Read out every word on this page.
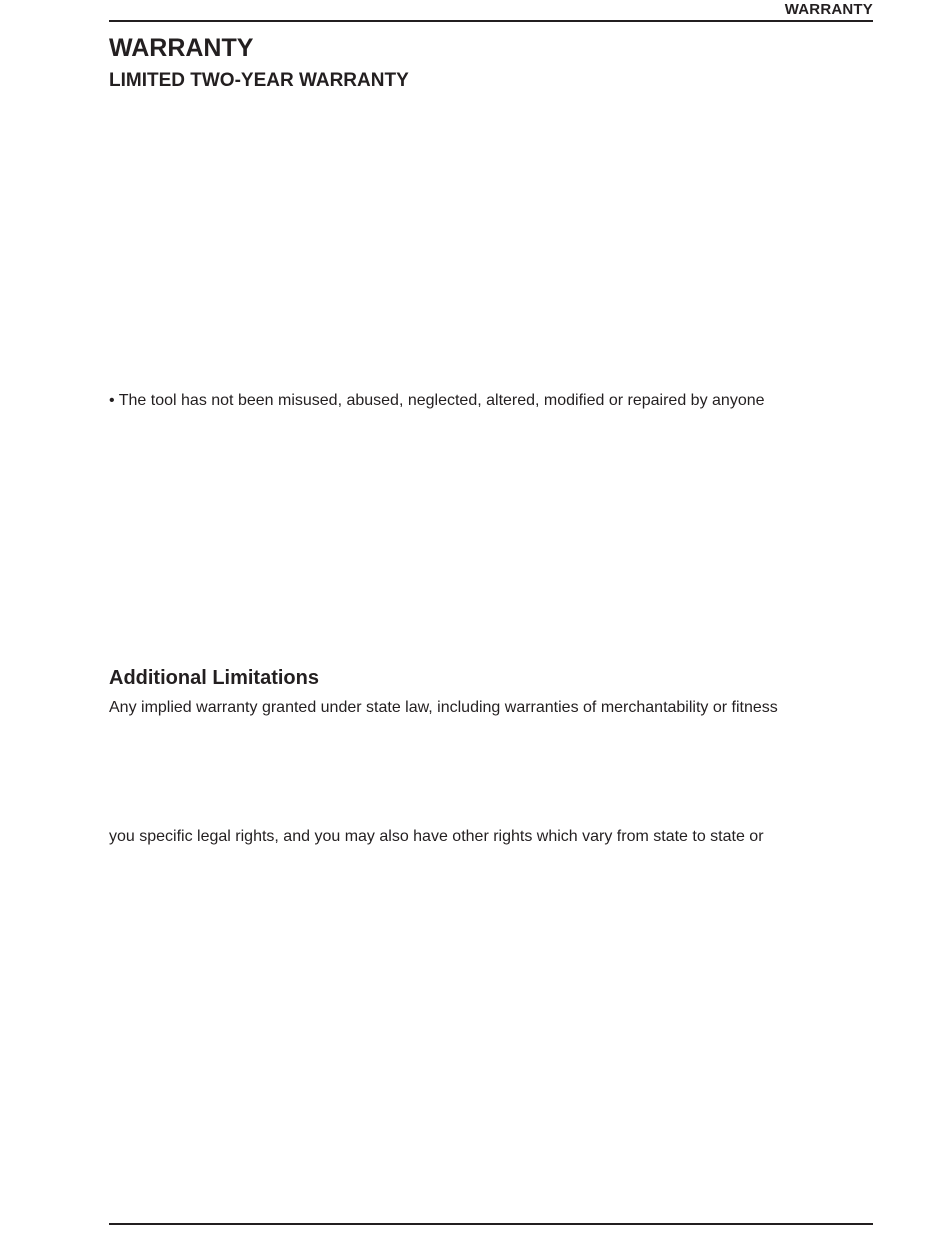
WARRANTY
WARRANTY
LIMITED TWO-YEAR WARRANTY

• The tool has not been misused, abused, neglected, altered, modified or repaired by anyone

Additional Limitations

Any implied warranty granted under state law, including warranties of merchantability or fitness

you specific legal rights, and you may also have other rights which vary from state to state or
